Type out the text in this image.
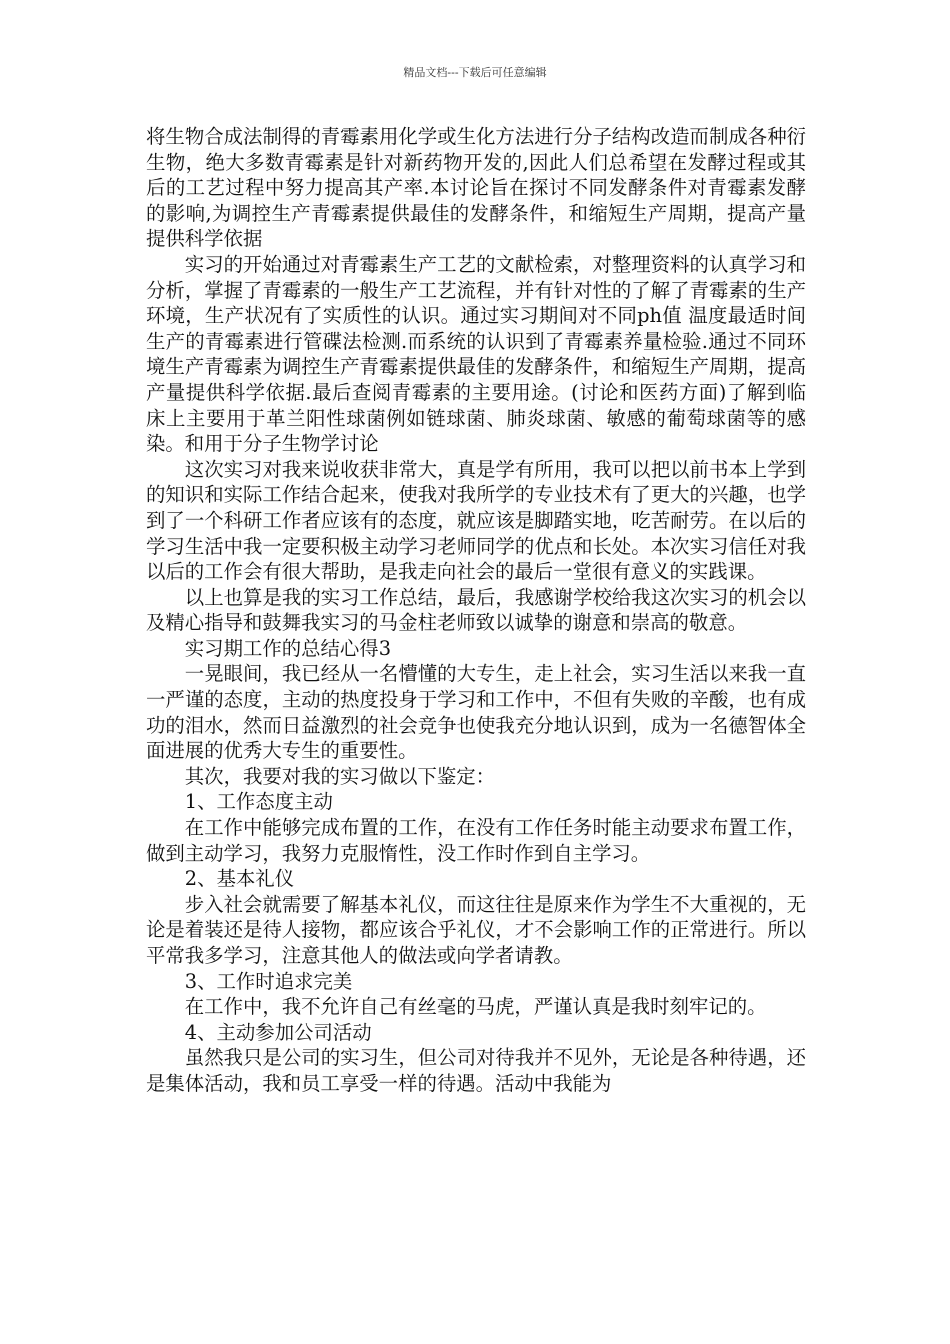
精品文档---下载后可任意编辑

将生物合成法制得的青霉素用化学或生化方法进行分子结构改造而制成各种衍生物，绝大多数青霉素是针对新药物开发的,因此人们总希望在发酵过程或其后的工艺过程中努力提高其产率.本讨论旨在探讨不同发酵条件对青霉素发酵的影响,为调控生产青霉素提供最佳的发酵条件，和缩短生产周期，提高产量提供科学依据

实习的开始通过对青霉素生产工艺的文献检索，对整理资料的认真学习和分析，掌握了青霉素的一般生产工艺流程，并有针对性的了解了青霉素的生产环境，生产状况有了实质性的认识。通过实习期间对不同ph值 温度最适时间生产的青霉素进行管碟法检测.而系统的认识到了青霉素养量检验.通过不同环境生产青霉素为调控生产青霉素提供最佳的发酵条件，和缩短生产周期，提高产量提供科学依据.最后查阅青霉素的主要用途。(讨论和医药方面)了解到临床上主要用于革兰阳性球菌例如链球菌、肺炎球菌、敏感的葡萄球菌等的感染。和用于分子生物学讨论

这次实习对我来说收获非常大，真是学有所用，我可以把以前书本上学到的知识和实际工作结合起来，使我对我所学的专业技术有了更大的兴趣，也学到了一个科研工作者应该有的态度，就应该是脚踏实地，吃苦耐劳。在以后的学习生活中我一定要积极主动学习老师同学的优点和长处。本次实习信任对我以后的工作会有很大帮助，是我走向社会的最后一堂很有意义的实践课。

以上也算是我的实习工作总结，最后，我感谢学校给我这次实习的机会以及精心指导和鼓舞我实习的马金柱老师致以诚挚的谢意和崇高的敬意。

实习期工作的总结心得3

一晃眼间，我已经从一名懵懂的大专生，走上社会，实习生活以来我一直一严谨的态度，主动的热度投身于学习和工作中，不但有失败的辛酸，也有成功的泪水，然而日益激烈的社会竞争也使我充分地认识到，成为一名德智体全面进展的优秀大专生的重要性。

其次，我要对我的实习做以下鉴定：

1、工作态度主动

在工作中能够完成布置的工作，在没有工作任务时能主动要求布置工作，做到主动学习，我努力克服惰性，没工作时作到自主学习。

2、基本礼仪

步入社会就需要了解基本礼仪，而这往往是原来作为学生不大重视的，无论是着装还是待人接物，都应该合乎礼仪，才不会影响工作的正常进行。所以平常我多学习，注意其他人的做法或向学者请教。

3、工作时追求完美

在工作中，我不允许自己有丝毫的马虎，严谨认真是我时刻牢记的。

4、主动参加公司活动

虽然我只是公司的实习生，但公司对待我并不见外，无论是各种待遇，还是集体活动，我和员工享受一样的待遇。活动中我能为
